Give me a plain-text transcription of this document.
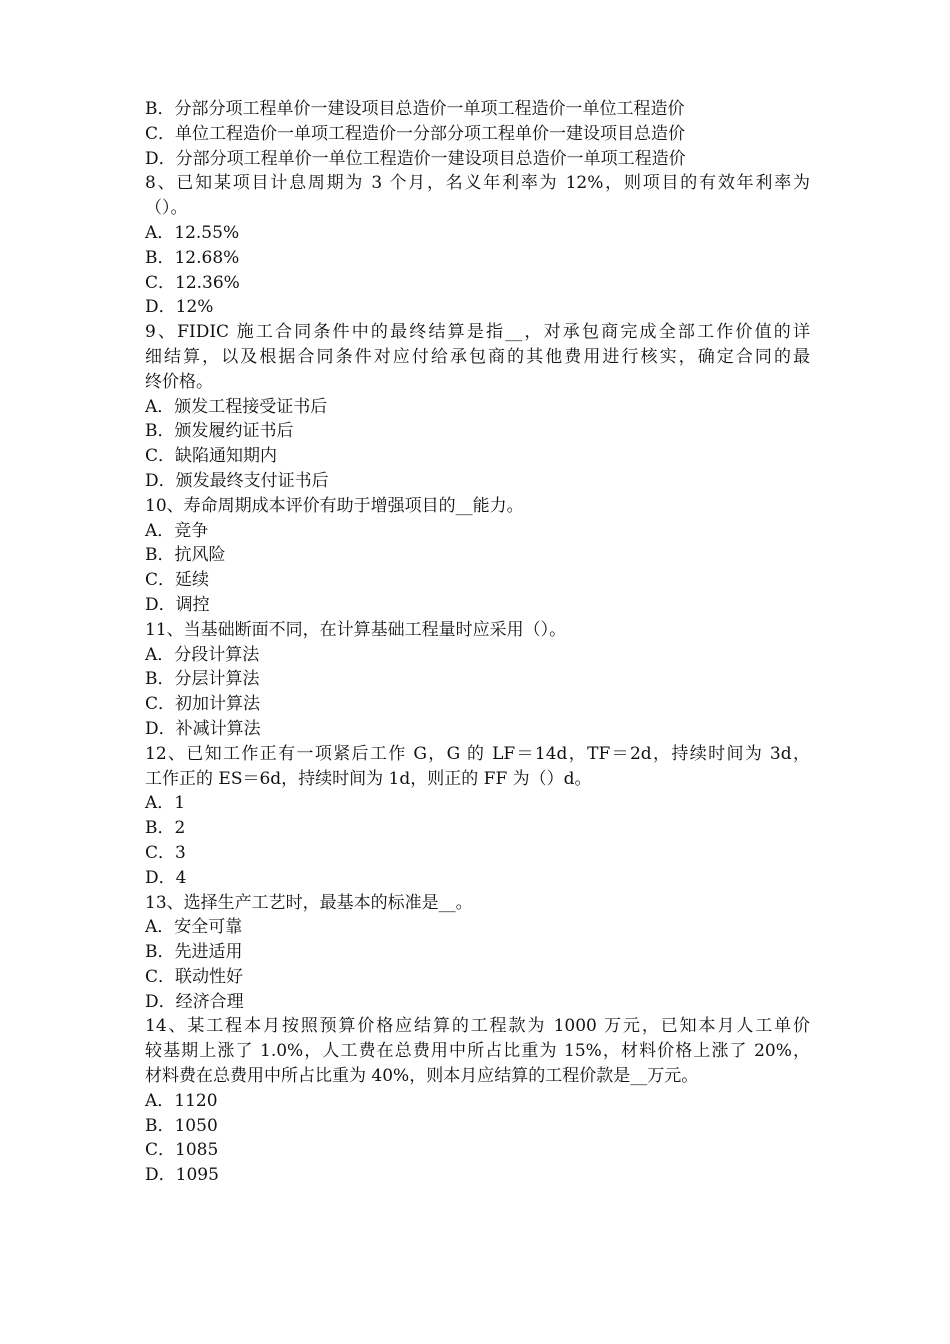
B．分部分项工程单价一建设项目总造价一单项工程造价一单位工程造价
C．单位工程造价一单项工程造价一分部分项工程单价一建设项目总造价
D．分部分项工程单价一单位工程造价一建设项目总造价一单项工程造价
8、已知某项目计息周期为 3 个月，名义年利率为 12%，则项目的有效年利率为
（）。
A．12.55%
B．12.68%
C．12.36%
D．12%
9、FIDIC 施工合同条件中的最终结算是指__，对承包商完成全部工作价值的详
细结算，以及根据合同条件对应付给承包商的其他费用进行核实，确定合同的最
终价格。
A．颁发工程接受证书后
B．颁发履约证书后
C．缺陷通知期内
D．颁发最终支付证书后
10、寿命周期成本评价有助于增强项目的__能力。
A．竞争
B．抗风险
C．延续
D．调控
11、当基础断面不同，在计算基础工程量时应采用（）。
A．分段计算法
B．分层计算法
C．初加计算法
D．补减计算法
12、已知工作正有一项紧后工作 G，G 的 LF＝14d，TF＝2d，持续时间为 3d，
工作正的 ES＝6d，持续时间为 1d，则正的 FF 为（）d。
A．1
B．2
C．3
D．4
13、选择生产工艺时，最基本的标准是__。
A．安全可靠
B．先进适用
C．联动性好
D．经济合理
14、某工程本月按照预算价格应结算的工程款为 1000 万元，已知本月人工单价
较基期上涨了 1.0%，人工费在总费用中所占比重为 15%，材料价格上涨了 20%，
材料费在总费用中所占比重为 40%，则本月应结算的工程价款是__万元。
A．1120
B．1050
C．1085
D．1095
